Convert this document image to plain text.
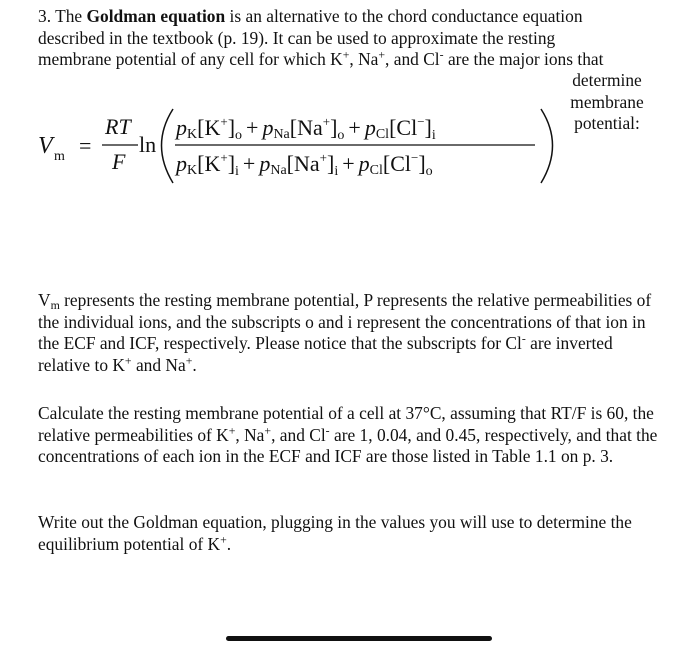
3. The Goldman equation is an alternative to the chord conductance equation
described in the textbook (p. 19). It can be used to approximate the resting
membrane potential of any cell for which K+, Na+, and Cl- are the major ions that
determine
membrane
potential:
V m =
RT
F
ln
pK[K+]o + pNa[Na+]o + pCl[Cl−]i
pK[K+]i + pNa[Na+]i + pCl[Cl−]o

$V_m$ represents the resting membrane potential, P represents the relative permeabilities of the individual ions, and the subscripts o and i represent the concentrations of that ion in the ECF and ICF, respectively. Please notice that the subscripts for Cl- are inverted relative to K+ and Na+.

Calculate the resting membrane potential of a cell at 37°C, assuming that RT/F is 60, the relative permeabilities of K+, Na+, and Cl- are 1, 0.04, and 0.45, respectively, and that the concentrations of each ion in the ECF and ICF are those listed in Table 1.1 on p. 3.

Write out the Goldman equation, plugging in the values you will use to determine the equilibrium potential of K+.
